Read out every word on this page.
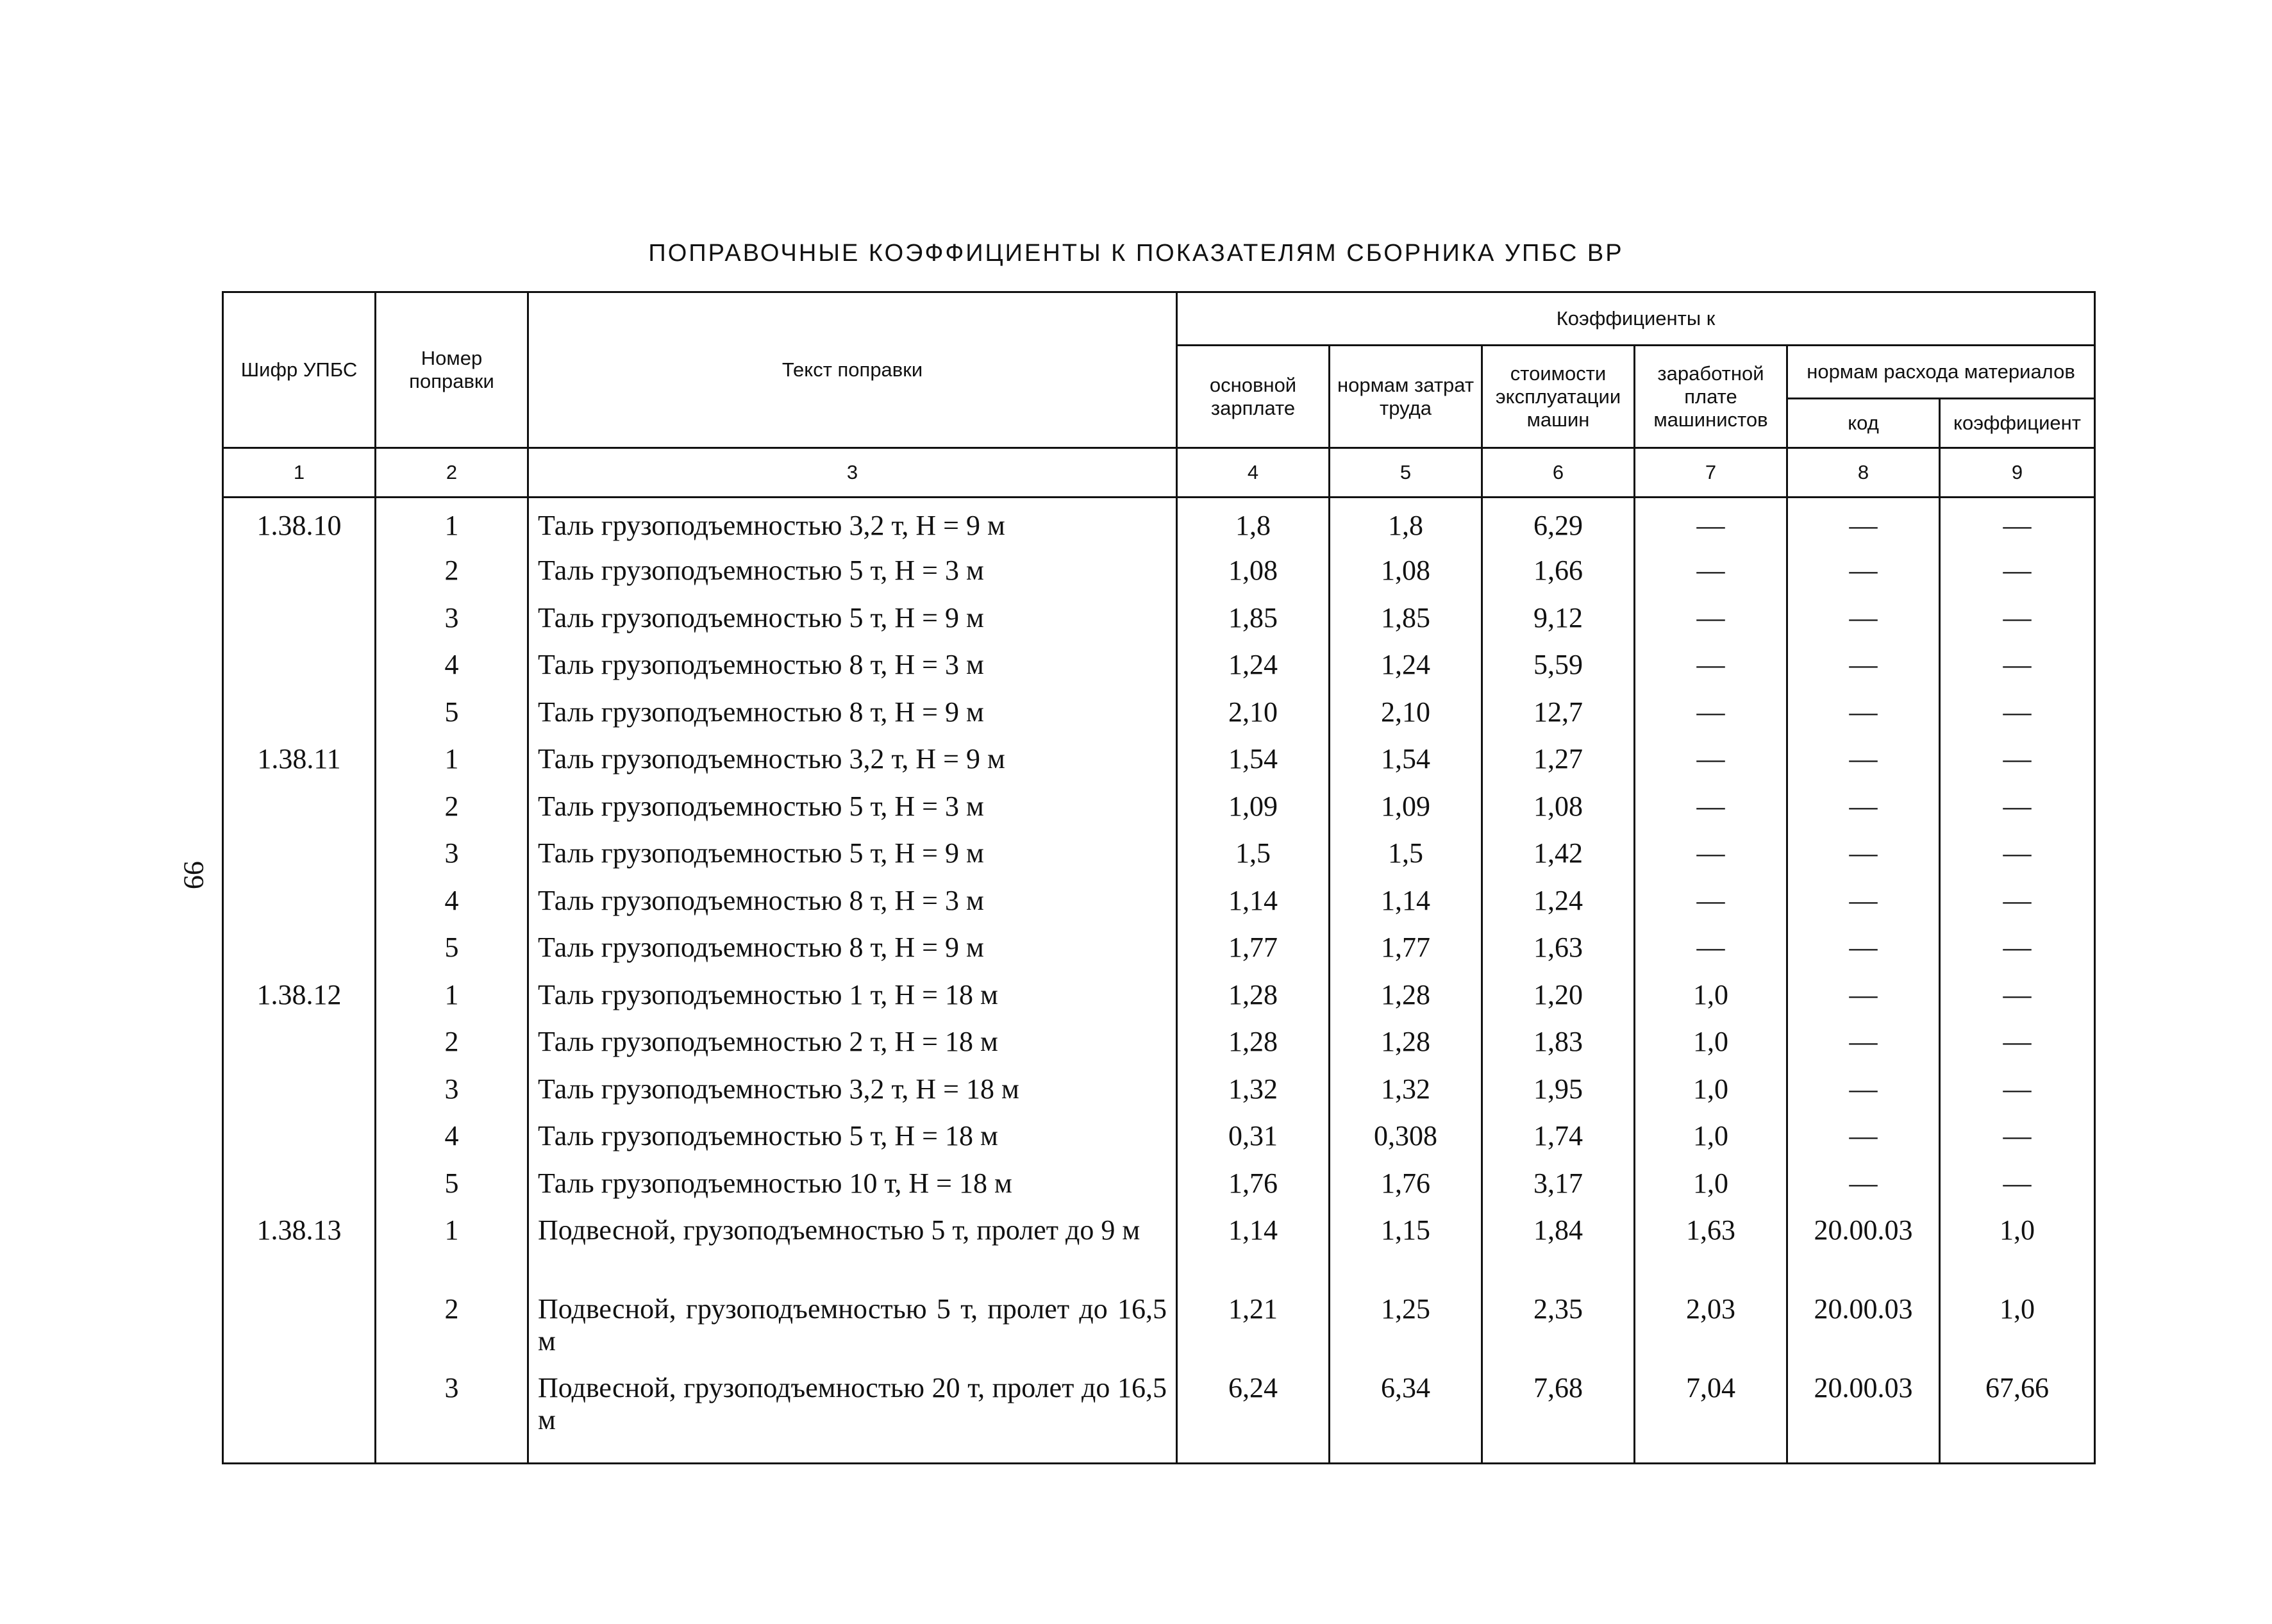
ПОПРАВОЧНЫЕ КОЭФФИЦИЕНТЫ К ПОКАЗАТЕЛЯМ СБОРНИКА УПБС ВР
99
Шифр УПБС	Номер поправки	Текст поправки	Коэффициенты к					
			основной зарплате	нормам затрат труда	стоимости эксплуатации машин	заработной плате машинистов	нормам расхода материалов	
							код	коэффициент
1	2	3	4	5	6	7	8	9
1.38.10	1	Таль грузоподъемностью 3,2 т, H = 9 м	1,8	1,8	6,29	—	—	—
	2	Таль грузоподъемностью 5 т, H = 3 м	1,08	1,08	1,66	—	—	—
	3	Таль грузоподъемностью 5 т, H = 9 м	1,85	1,85	9,12	—	—	—
	4	Таль грузоподъемностью 8 т, H = 3 м	1,24	1,24	5,59	—	—	—
	5	Таль грузоподъемностью 8 т, H = 9 м	2,10	2,10	12,7	—	—	—
1.38.11	1	Таль грузоподъемностью 3,2 т, H = 9 м	1,54	1,54	1,27	—	—	—
	2	Таль грузоподъемностью 5 т, H = 3 м	1,09	1,09	1,08	—	—	—
	3	Таль грузоподъемностью 5 т, H = 9 м	1,5	1,5	1,42	—	—	—
	4	Таль грузоподъемностью 8 т, H = 3 м	1,14	1,14	1,24	—	—	—
	5	Таль грузоподъемностью 8 т, H = 9 м	1,77	1,77	1,63	—	—	—
1.38.12	1	Таль грузоподъемностью 1 т, H = 18 м	1,28	1,28	1,20	1,0	—	—
	2	Таль грузоподъемностью 2 т, H = 18 м	1,28	1,28	1,83	1,0	—	—
	3	Таль грузоподъемностью 3,2 т, H = 18 м	1,32	1,32	1,95	1,0	—	—
	4	Таль грузоподъемностью 5 т, H = 18 м	0,31	0,308	1,74	1,0	—	—
	5	Таль грузоподъемностью 10 т, H = 18 м	1,76	1,76	3,17	1,0	—	—
1.38.13	1	Подвесной, грузоподъемностью 5 т, пролет до 9 м	1,14	1,15	1,84	1,63	20.00.03	1,0
	2	Подвесной, грузоподъемностью 5 т, пролет до 16,5 м	1,21	1,25	2,35	2,03	20.00.03	1,0
	3	Подвесной, грузоподъемностью 20 т, пролет до 16,5 м	6,24	6,34	7,68	7,04	20.00.03	67,66
